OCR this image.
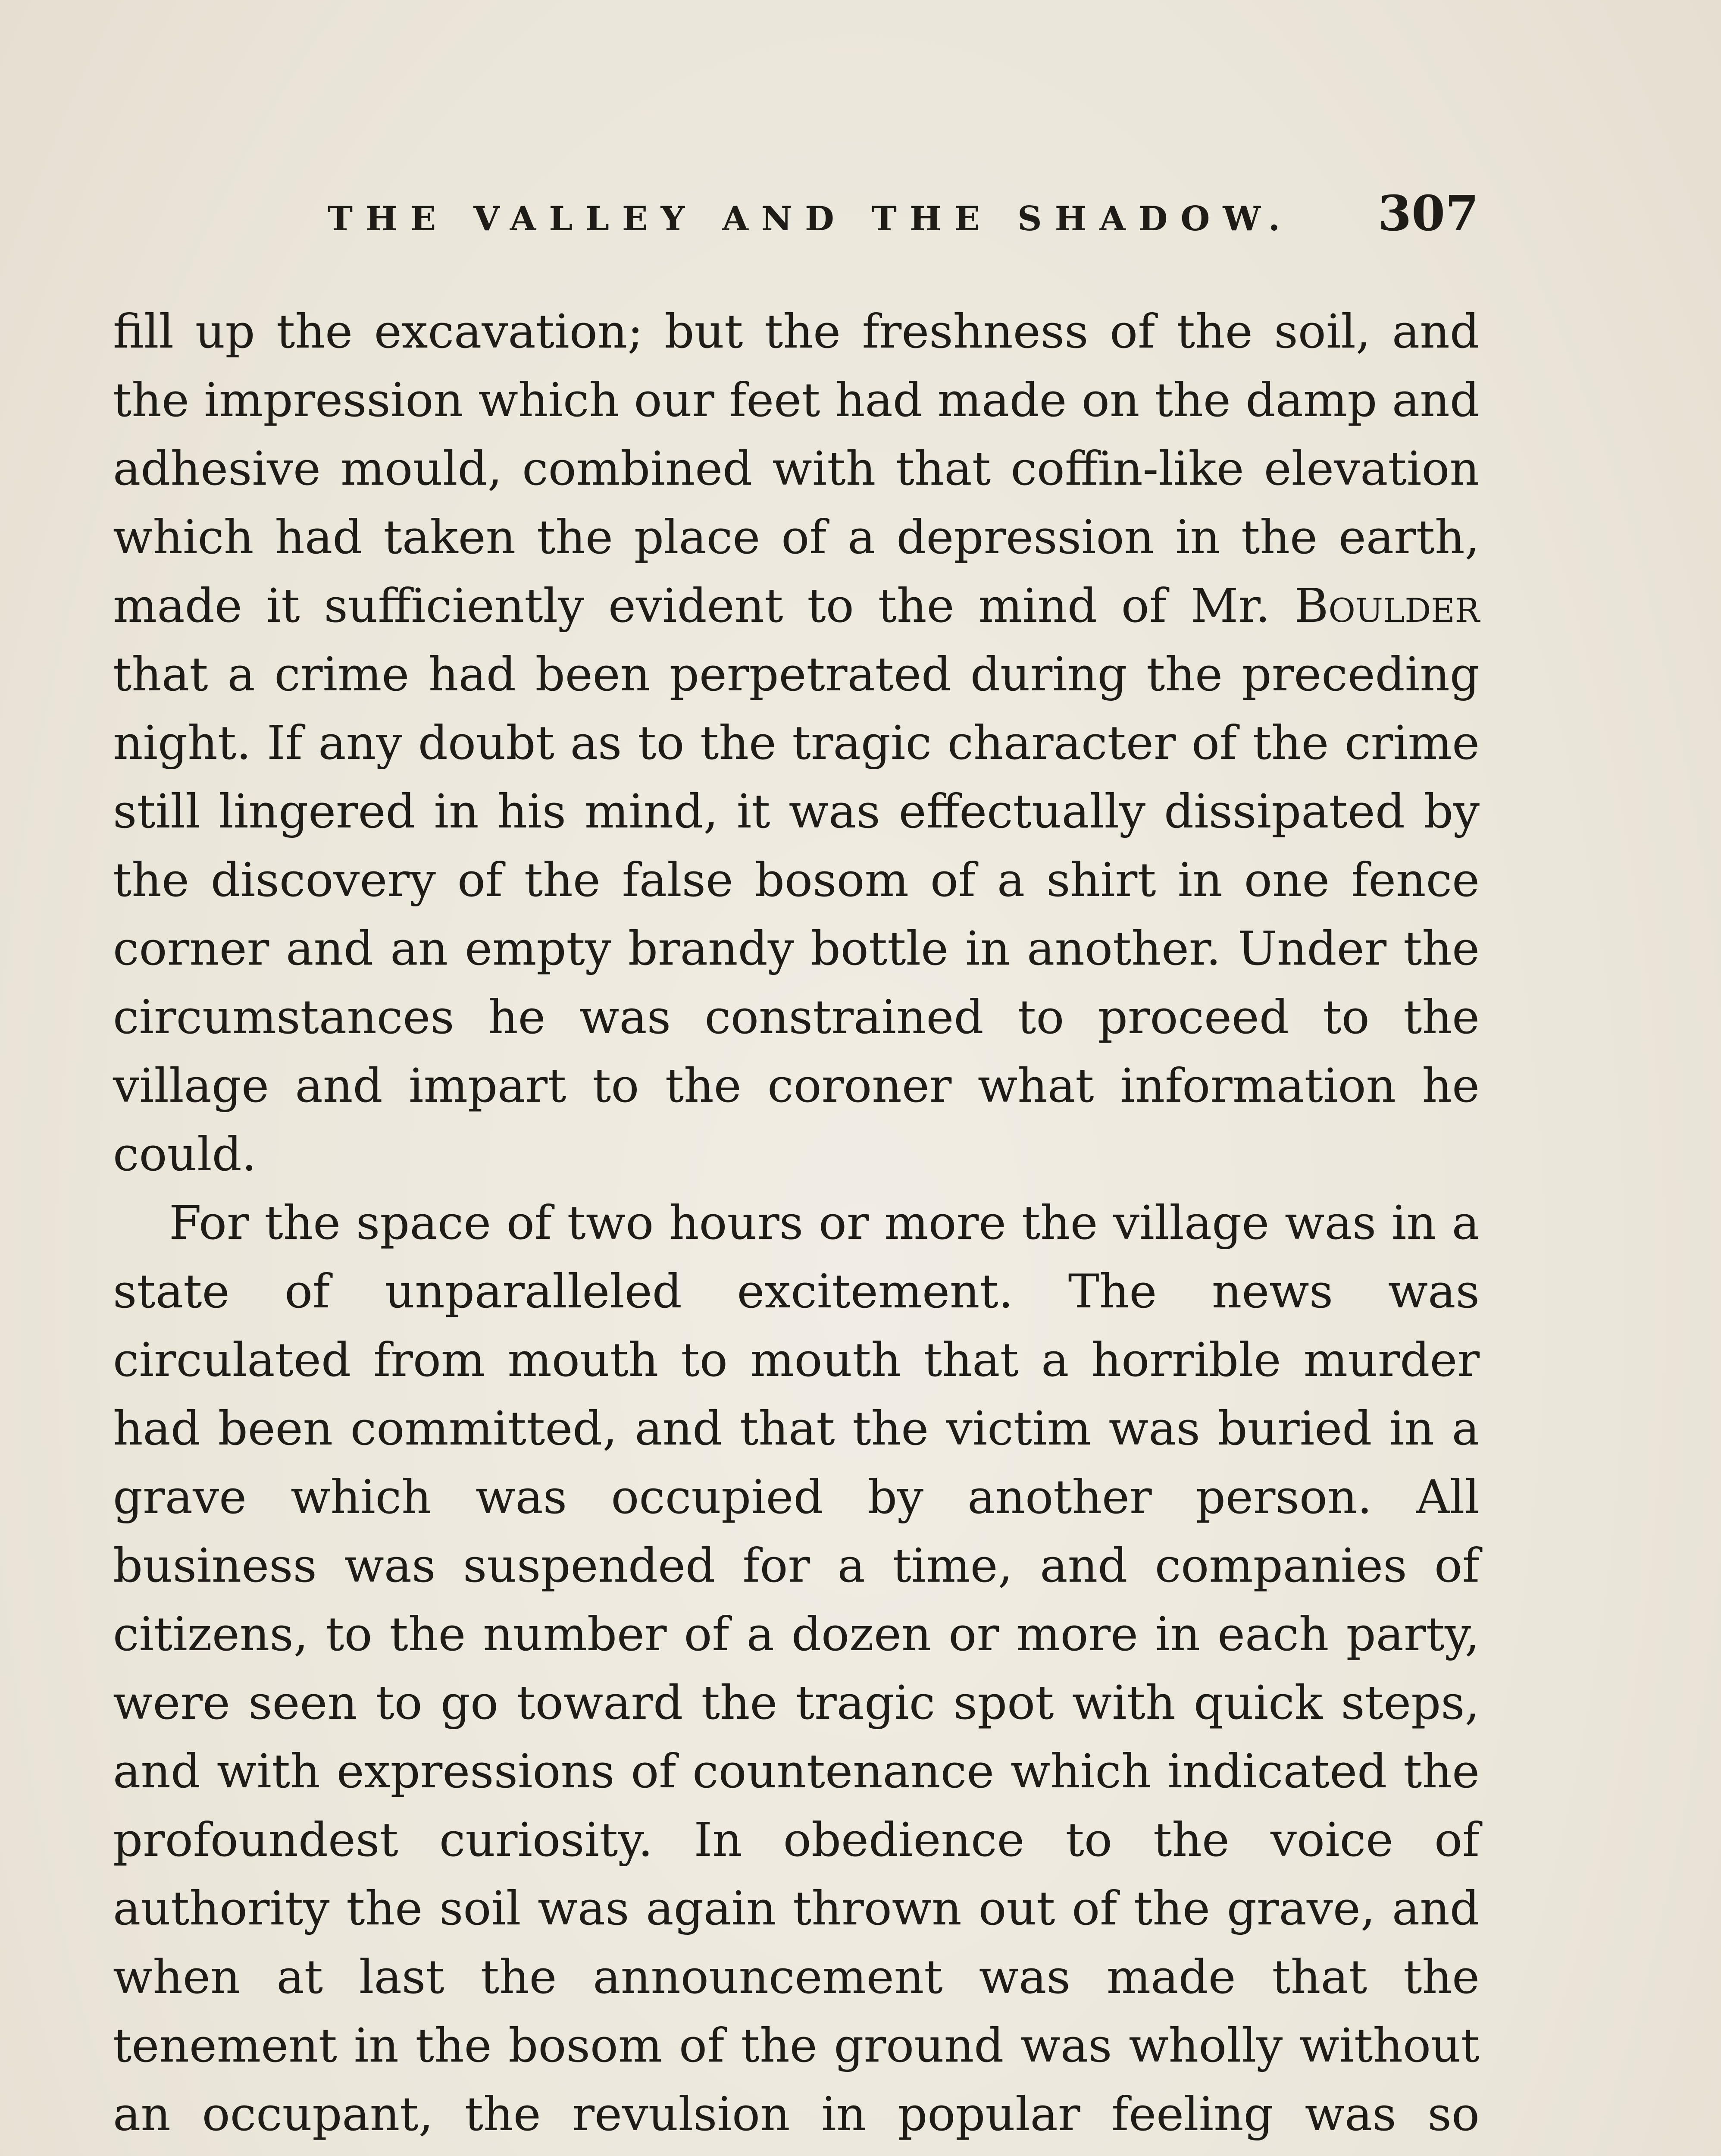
THE VALLEY AND THE SHADOW. 307

fill up the excavation; but the freshness of the soil, and the impression which our feet had made on the damp and adhesive mould, combined with that coffin-like elevation which had taken the place of a depression in the earth, made it sufficiently evident to the mind of Mr. Boulder that a crime had been perpetrated during the preceding night. If any doubt as to the tragic character of the crime still lingered in his mind, it was effectually dissipated by the discovery of the false bosom of a shirt in one fence corner and an empty brandy bottle in another. Under the circumstances he was constrained to proceed to the village and impart to the coroner what information he could.

For the space of two hours or more the village was in a state of unparalleled excitement. The news was circulated from mouth to mouth that a horrible murder had been committed, and that the victim was buried in a grave which was occupied by another person. All business was suspended for a time, and companies of citizens, to the number of a dozen or more in each party, were seen to go toward the tragic spot with quick steps, and with expressions of countenance which indicated the profoundest curiosity. In obedience to the voice of authority the soil was again thrown out of the grave, and when at last the announcement was made that the tenement in the bosom of the ground was wholly without an occupant, the revulsion in popular feeling was so
